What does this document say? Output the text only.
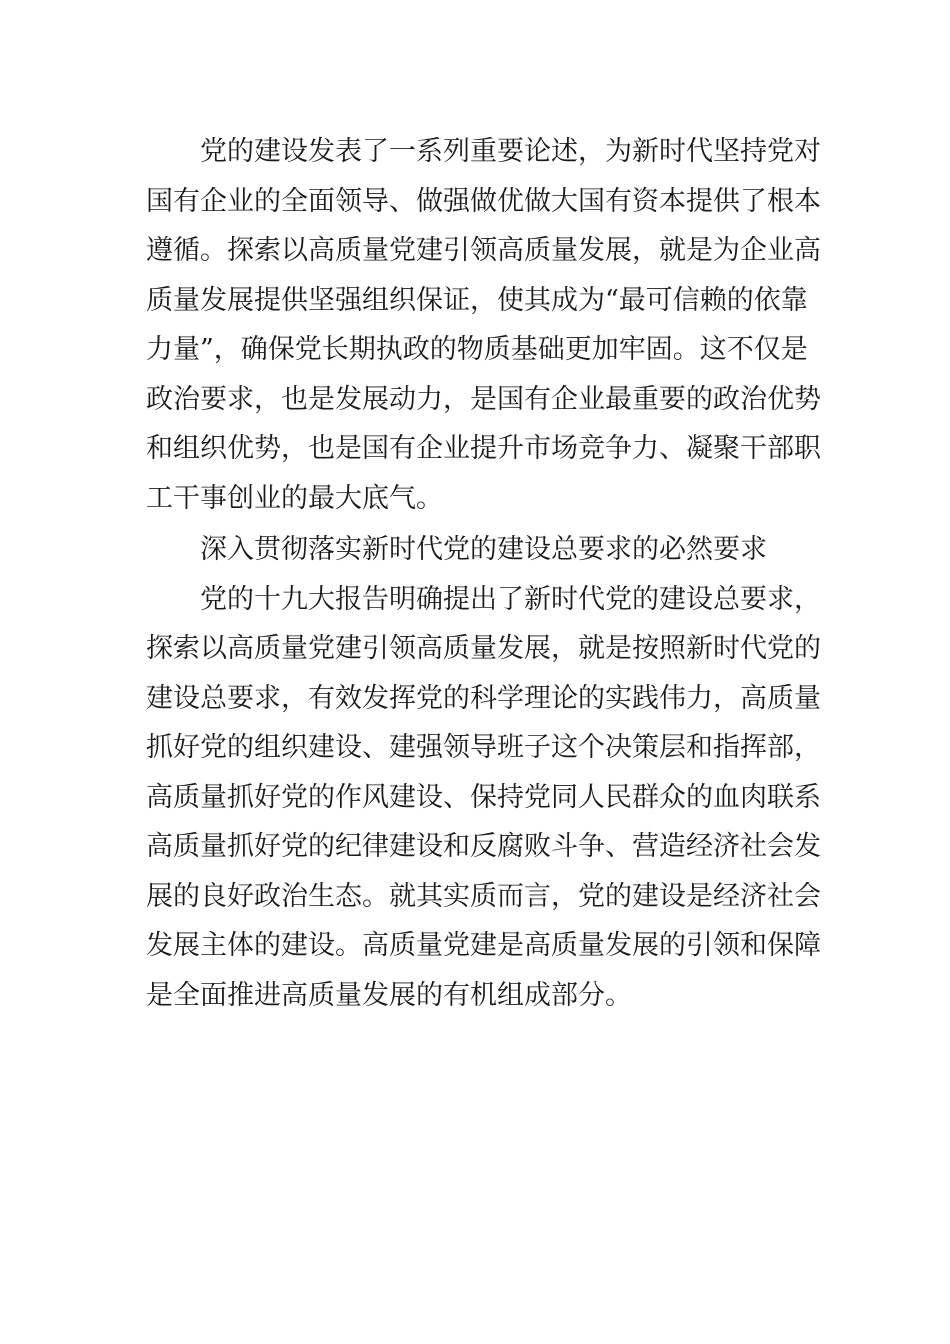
党的建设发表了一系列重要论述，为新时代坚持党对
国有企业的全面领导、做强做优做大国有资本提供了根本
遵循。探索以高质量党建引领高质量发展，就是为企业高
质量发展提供坚强组织保证，使其成为“最可信赖的依靠
力量”，确保党长期执政的物质基础更加牢固。这不仅是
政治要求，也是发展动力，是国有企业最重要的政治优势
和组织优势，也是国有企业提升市场竞争力、凝聚干部职
工干事创业的最大底气。
深入贯彻落实新时代党的建设总要求的必然要求
党的十九大报告明确提出了新时代党的建设总要求，
探索以高质量党建引领高质量发展，就是按照新时代党的
建设总要求，有效发挥党的科学理论的实践伟力，高质量
抓好党的组织建设、建强领导班子这个决策层和指挥部，
高质量抓好党的作风建设、保持党同人民群众的血肉联系
高质量抓好党的纪律建设和反腐败斗争、营造经济社会发
展的良好政治生态。就其实质而言，党的建设是经济社会
发展主体的建设。高质量党建是高质量发展的引领和保障
是全面推进高质量发展的有机组成部分。
